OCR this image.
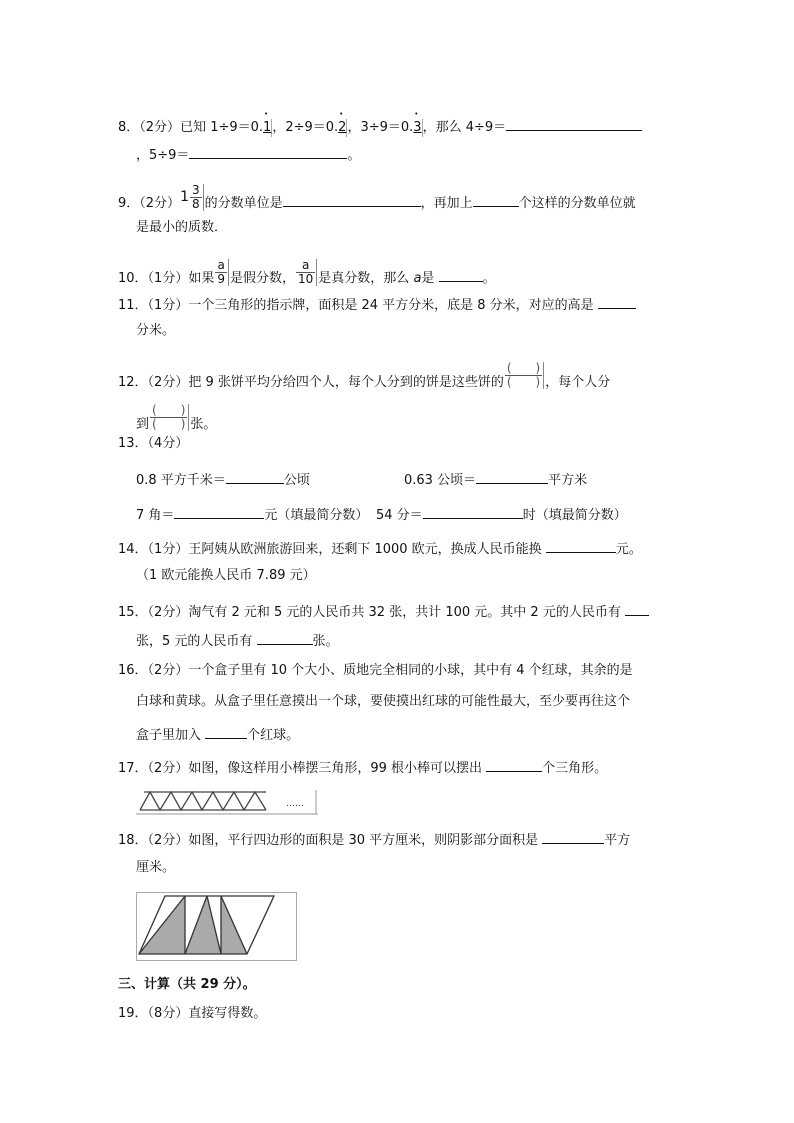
8．（2分）已知 1÷9＝0.• 1，2÷9＝0.• 2，3÷9＝0.• 3，那么 4÷9＝
，5÷9＝	。
9．（2分）$1 \frac{3}{8}$ 的分数单位是	，再加上	个这样的分数单位就
是最小的质数．
10．（1分）如果 $\frac{a}{9}$ 是假分数， $\frac{a}{10}$ 是真分数，那么 a是	。
11．（1分）一个三角形的指示牌，面积是 24 平方分米，底是 8 分米，对应的高是
分米。
12．（2分）把 9 张饼平均分给四个人，每个人分到的饼是这些饼的 $\frac{( )}{( )}$ ，每个人分
到 $\frac{( )}{( )}$ 张。
13．（4分）
0.8 平方千米＝	公顷	0.63 公顷＝	平方米
7 角＝	元（填最简分数） 54 分＝	时（填最简分数）
14．（1分）王阿姨从欧洲旅游回来，还剩下 1000 欧元，换成人民币能换	元。
（1 欧元能换人民币 7.89 元）
15．（2分）淘气有 2 元和 5 元的人民币共 32 张，共计 100 元。其中 2 元的人民币有
张，5 元的人民币有	张。
16．（2分）一个盒子里有 10 个大小、质地完全相同的小球，其中有 4 个红球，其余的是
白球和黄球。从盒子里任意摸出一个球，要使摸出红球的可能性最大，至少要再往这个
盒子里加入	个红球。
17．（2分）如图，像这样用小棒摆三角形，99 根小棒可以摆出	个三角形。
……
18．（2分）如图，平行四边形的面积是 30 平方厘米，则阴影部分面积是	平方
厘米。
三、计算（共 29 分）。
19．（8分）直接写得数。
